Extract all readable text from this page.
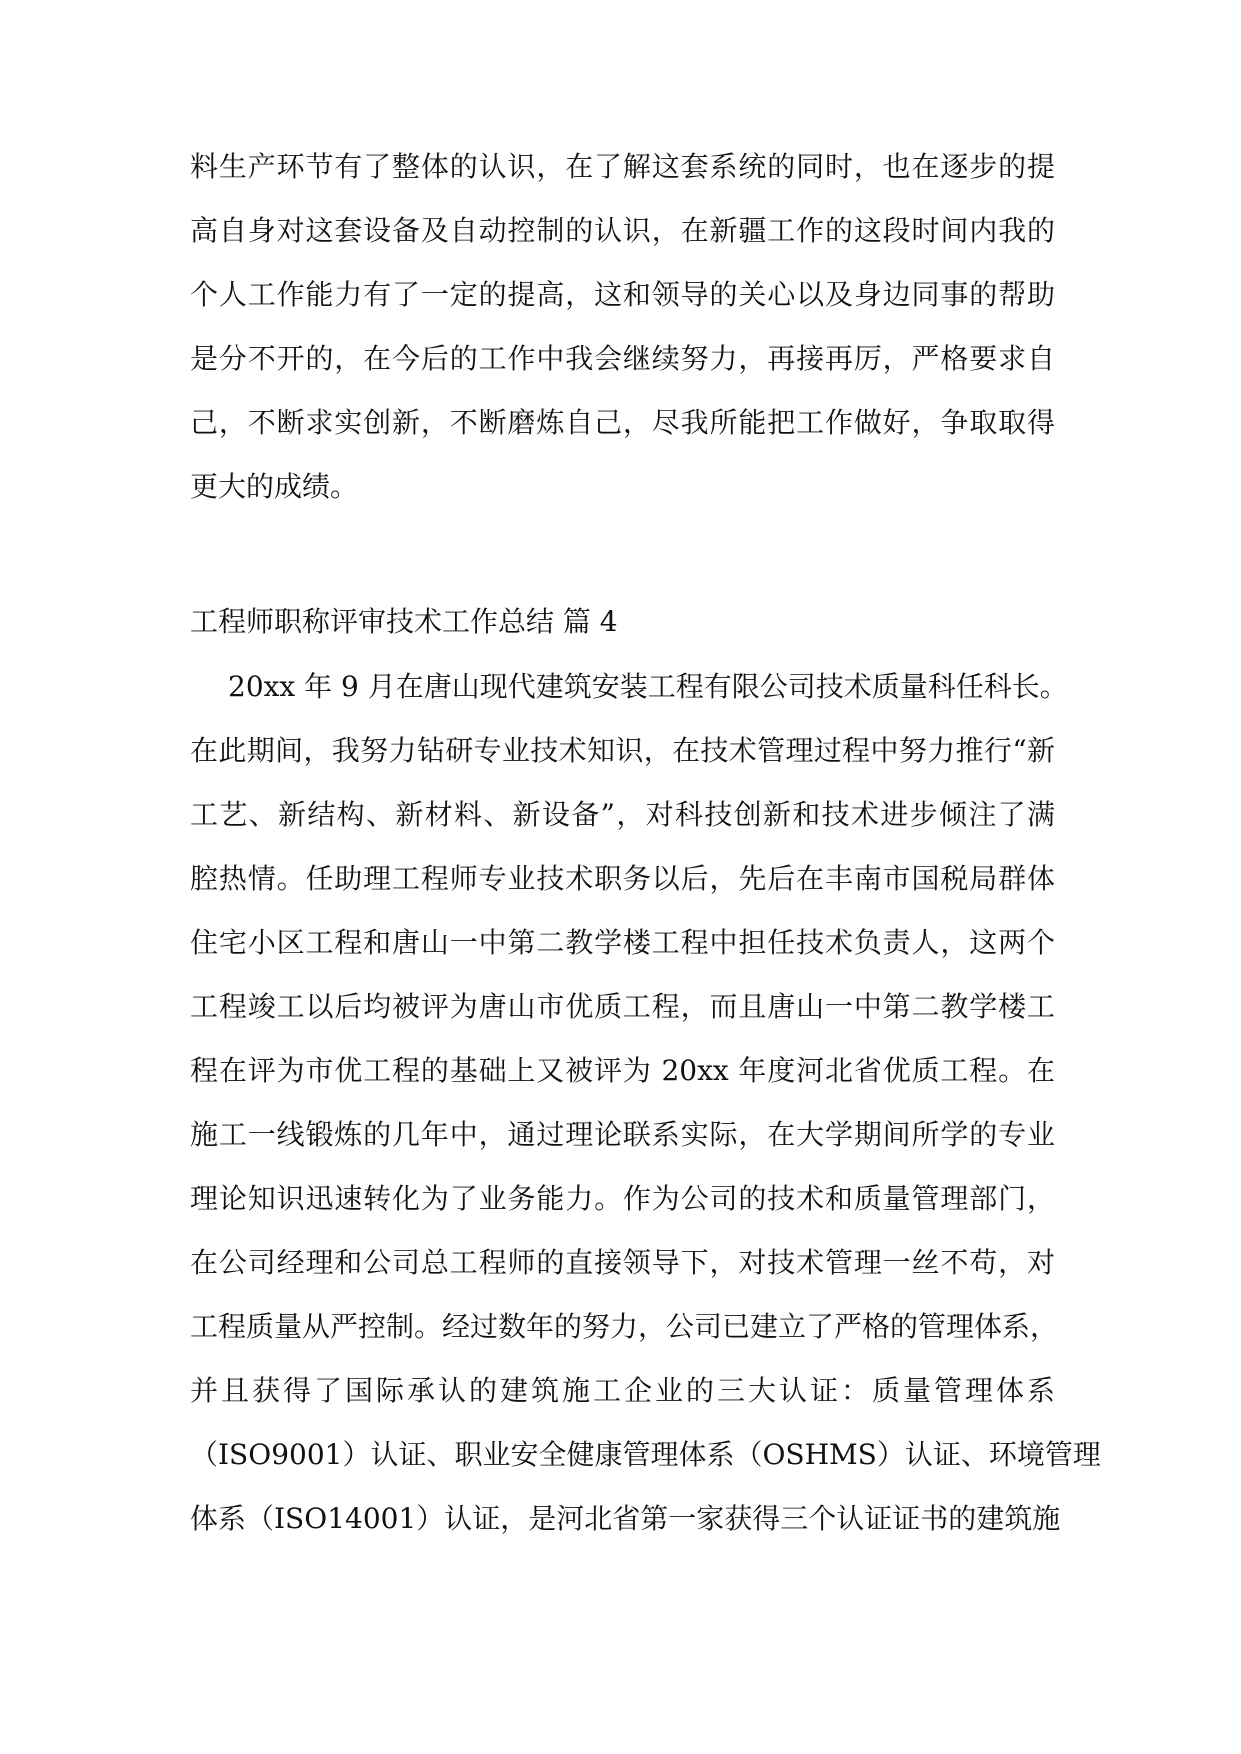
料生产环节有了整体的认识，在了解这套系统的同时，也在逐步的提
高自身对这套设备及自动控制的认识，在新疆工作的这段时间内我的
个人工作能力有了一定的提高，这和领导的关心以及身边同事的帮助
是分不开的，在今后的工作中我会继续努力，再接再厉，严格要求自
己，不断求实创新，不断磨炼自己，尽我所能把工作做好，争取取得
更大的成绩。
工程师职称评审技术工作总结 篇 4
20xx 年 9 月在唐山现代建筑安装工程有限公司技术质量科任科长。
在此期间，我努力钻研专业技术知识，在技术管理过程中努力推行“新
工艺、新结构、新材料、新设备”，对科技创新和技术进步倾注了满
腔热情。任助理工程师专业技术职务以后，先后在丰南市国税局群体
住宅小区工程和唐山一中第二教学楼工程中担任技术负责人，这两个
工程竣工以后均被评为唐山市优质工程，而且唐山一中第二教学楼工
程在评为市优工程的基础上又被评为 20xx 年度河北省优质工程。在
施工一线锻炼的几年中，通过理论联系实际，在大学期间所学的专业
理论知识迅速转化为了业务能力。作为公司的技术和质量管理部门，
在公司经理和公司总工程师的直接领导下，对技术管理一丝不苟，对
工程质量从严控制。经过数年的努力，公司已建立了严格的管理体系，
并且获得了国际承认的建筑施工企业的三大认证：质量管理体系
（ISO9001）认证、职业安全健康管理体系（OSHMS）认证、环境管理
体系（ISO14001）认证，是河北省第一家获得三个认证证书的建筑施
